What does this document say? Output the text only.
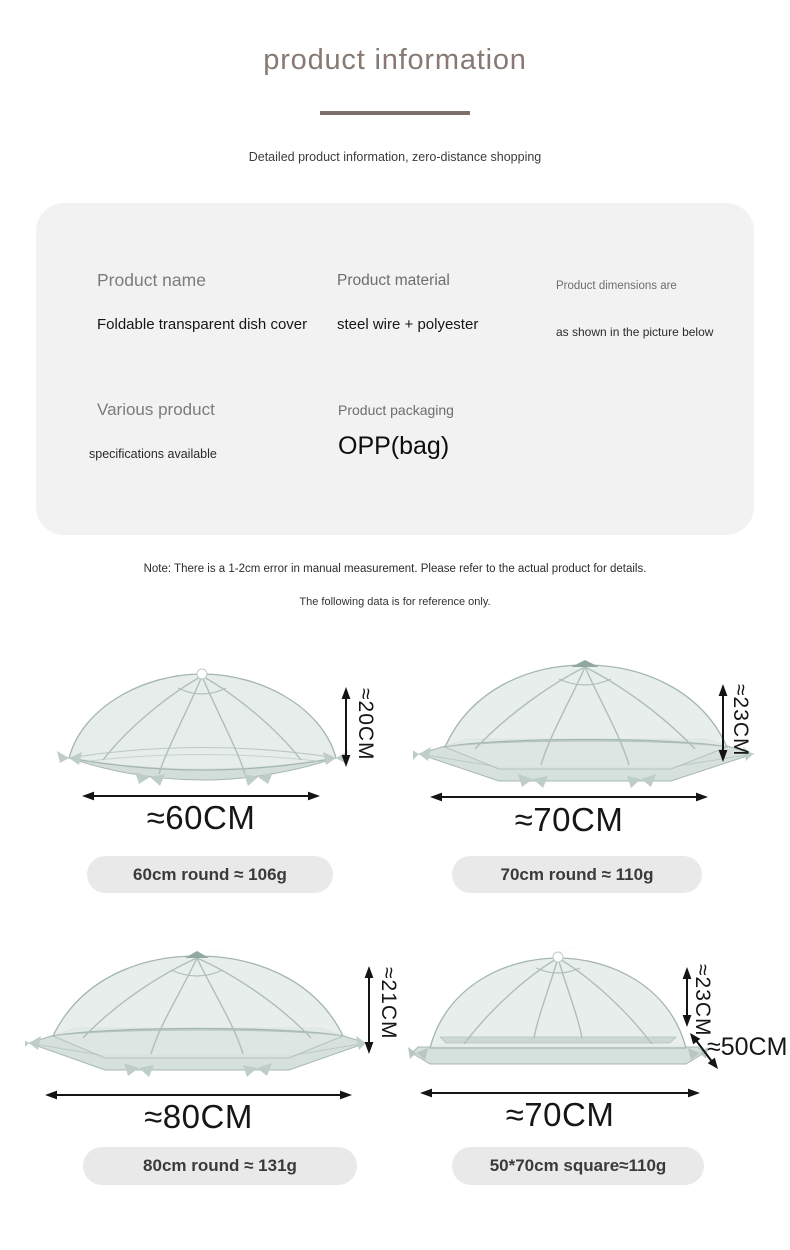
product information

Detailed product information, zero-distance shopping

Product name
Foldable transparent dish cover
Product material
steel wire + polyester
Product dimensions are
as shown in the picture below
Various product
specifications available
Product packaging
OPP(bag)

Note: There is a 1-2cm error in manual measurement. Please refer to the actual product for details.

The following data is for reference only.

≈20CM
≈60CM
60cm round ≈ 106g
≈23CM
≈70CM
70cm round ≈ 110g
≈21CM
≈80CM
80cm round ≈ 131g
≈23CM
≈50CM
≈70CM
50*70cm square≈110g
